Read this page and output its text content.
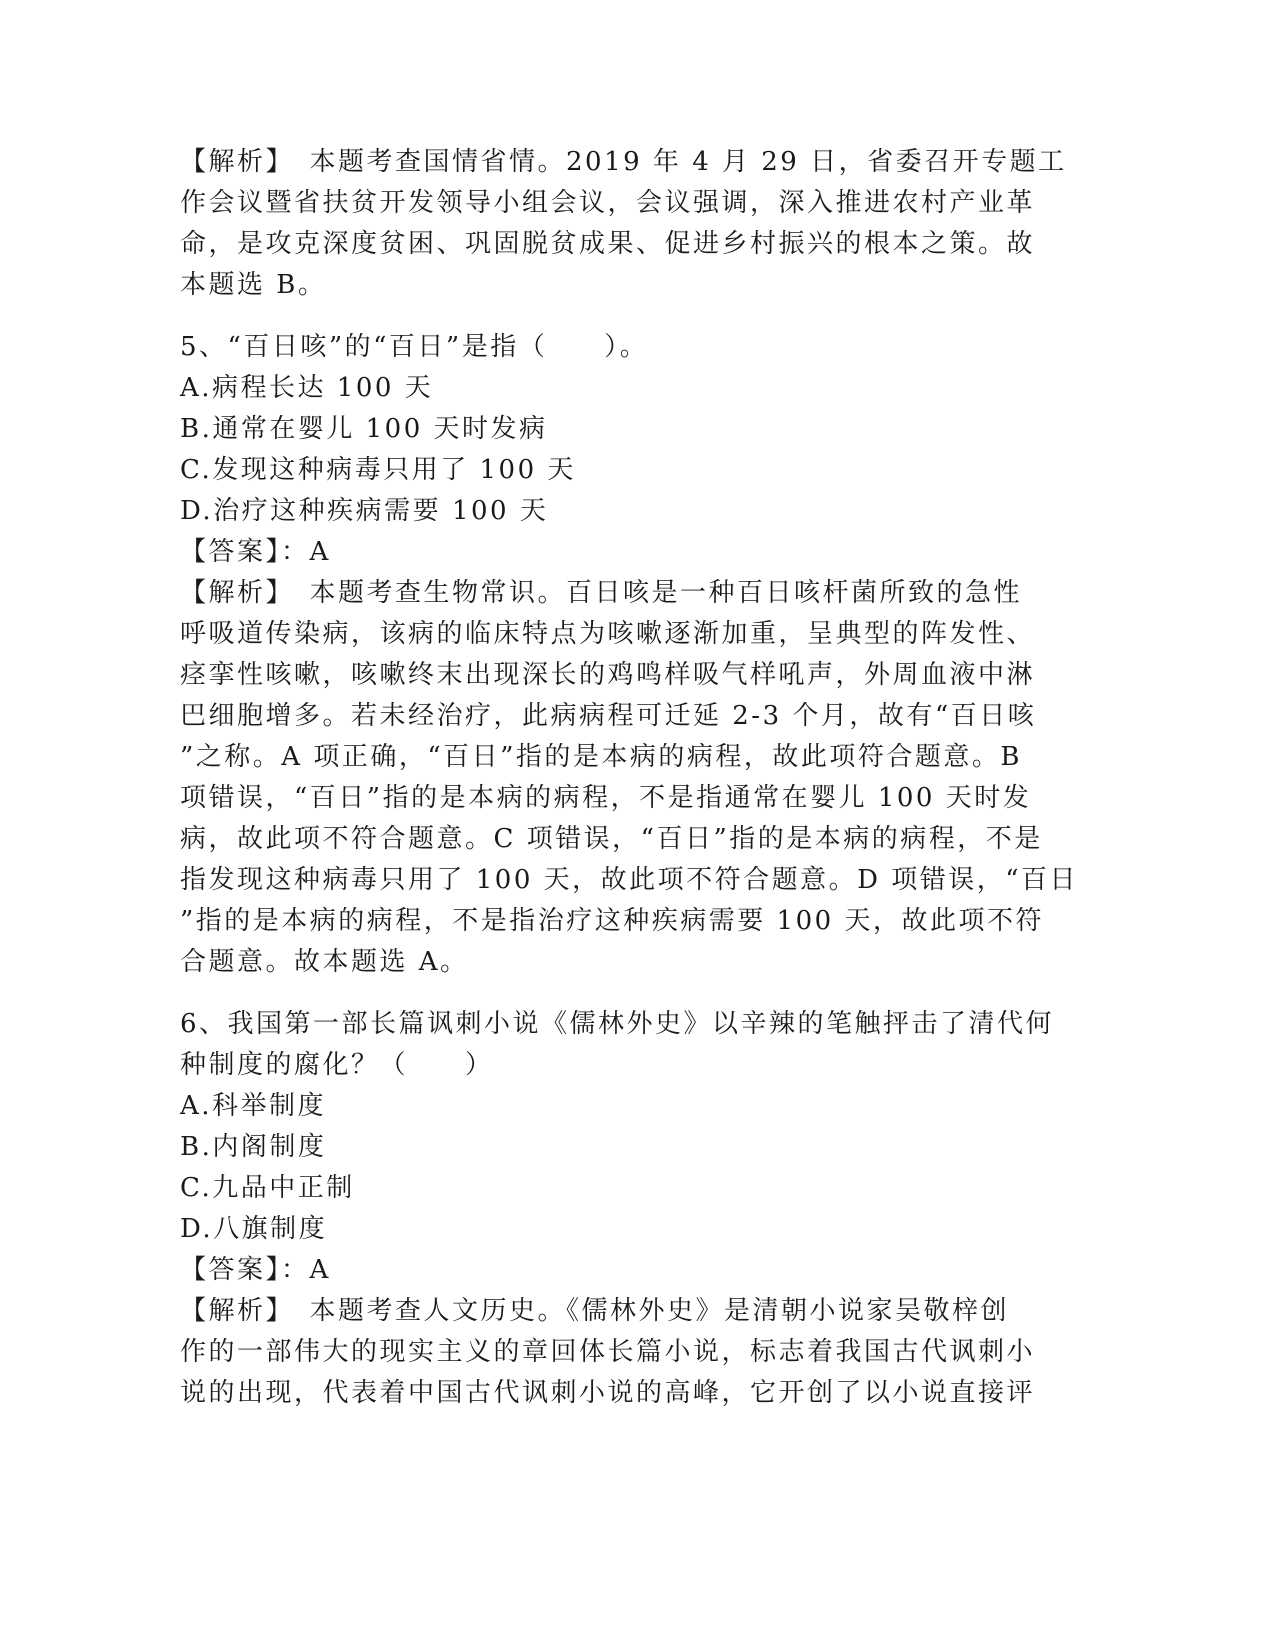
【解析】　本题考查国情省情。2019 年 4 月 29 日，省委召开专题工
作会议暨省扶贫开发领导小组会议，会议强调，深入推进农村产业革
命，是攻克深度贫困、巩固脱贫成果、促进乡村振兴的根本之策。故
本题选 B。
5、“百日咳”的“百日”是指（　　）。
A.病程长达 100 天
B.通常在婴儿 100 天时发病
C.发现这种病毒只用了 100 天
D.治疗这种疾病需要 100 天
【答案】：A
【解析】　本题考查生物常识。百日咳是一种百日咳杆菌所致的急性
呼吸道传染病，该病的临床特点为咳嗽逐渐加重，呈典型的阵发性、
痉挛性咳嗽，咳嗽终末出现深长的鸡鸣样吸气样吼声，外周血液中淋
巴细胞增多。若未经治疗，此病病程可迁延 2-3 个月，故有“百日咳
”之称。A 项正确，“百日”指的是本病的病程，故此项符合题意。B
项错误，“百日”指的是本病的病程，不是指通常在婴儿 100 天时发
病，故此项不符合题意。C 项错误，“百日”指的是本病的病程，不是
指发现这种病毒只用了 100 天，故此项不符合题意。D 项错误，“百日
”指的是本病的病程，不是指治疗这种疾病需要 100 天，故此项不符
合题意。故本题选 A。
6、我国第一部长篇讽刺小说《儒林外史》以辛辣的笔触抨击了清代何
种制度的腐化？（　　）
A.科举制度
B.内阁制度
C.九品中正制
D.八旗制度
【答案】：A
【解析】　本题考查人文历史。《儒林外史》是清朝小说家吴敬梓创
作的一部伟大的现实主义的章回体长篇小说，标志着我国古代讽刺小
说的出现，代表着中国古代讽刺小说的高峰，它开创了以小说直接评
